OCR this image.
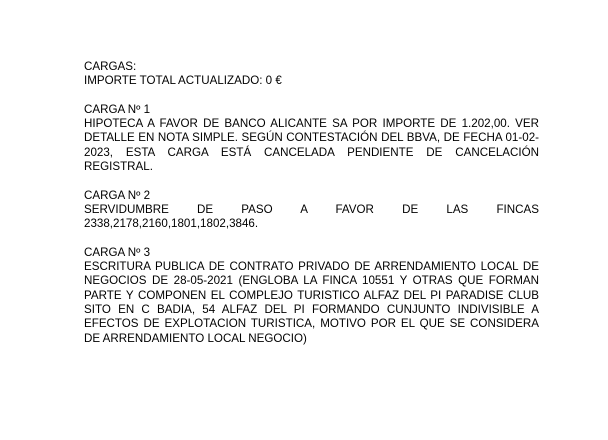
CARGAS:
IMPORTE TOTAL ACTUALIZADO: 0 €
CARGA Nº 1
HIPOTECA A FAVOR DE BANCO ALICANTE SA POR IMPORTE DE 1.202,00. VER DETALLE EN NOTA SIMPLE. SEGÚN CONTESTACIÓN DEL BBVA, DE FECHA 01-02-2023, ESTA CARGA ESTÁ CANCELADA PENDIENTE DE CANCELACIÓN REGISTRAL.
CARGA Nº 2
SERVIDUMBRE DE PASO A FAVOR DE LAS FINCAS 2338,2178,2160,1801,1802,3846.
CARGA Nº 3
ESCRITURA PUBLICA DE CONTRATO PRIVADO DE ARRENDAMIENTO LOCAL DE NEGOCIOS DE 28-05-2021 (ENGLOBA LA FINCA 10551 Y OTRAS QUE FORMAN PARTE Y COMPONEN EL COMPLEJO TURISTICO ALFAZ DEL PI PARADISE CLUB SITO EN C BADIA, 54 ALFAZ DEL PI FORMANDO CUNJUNTO INDIVISIBLE A EFECTOS DE EXPLOTACION TURISTICA, MOTIVO POR EL QUE SE CONSIDERA DE ARRENDAMIENTO LOCAL NEGOCIO)
